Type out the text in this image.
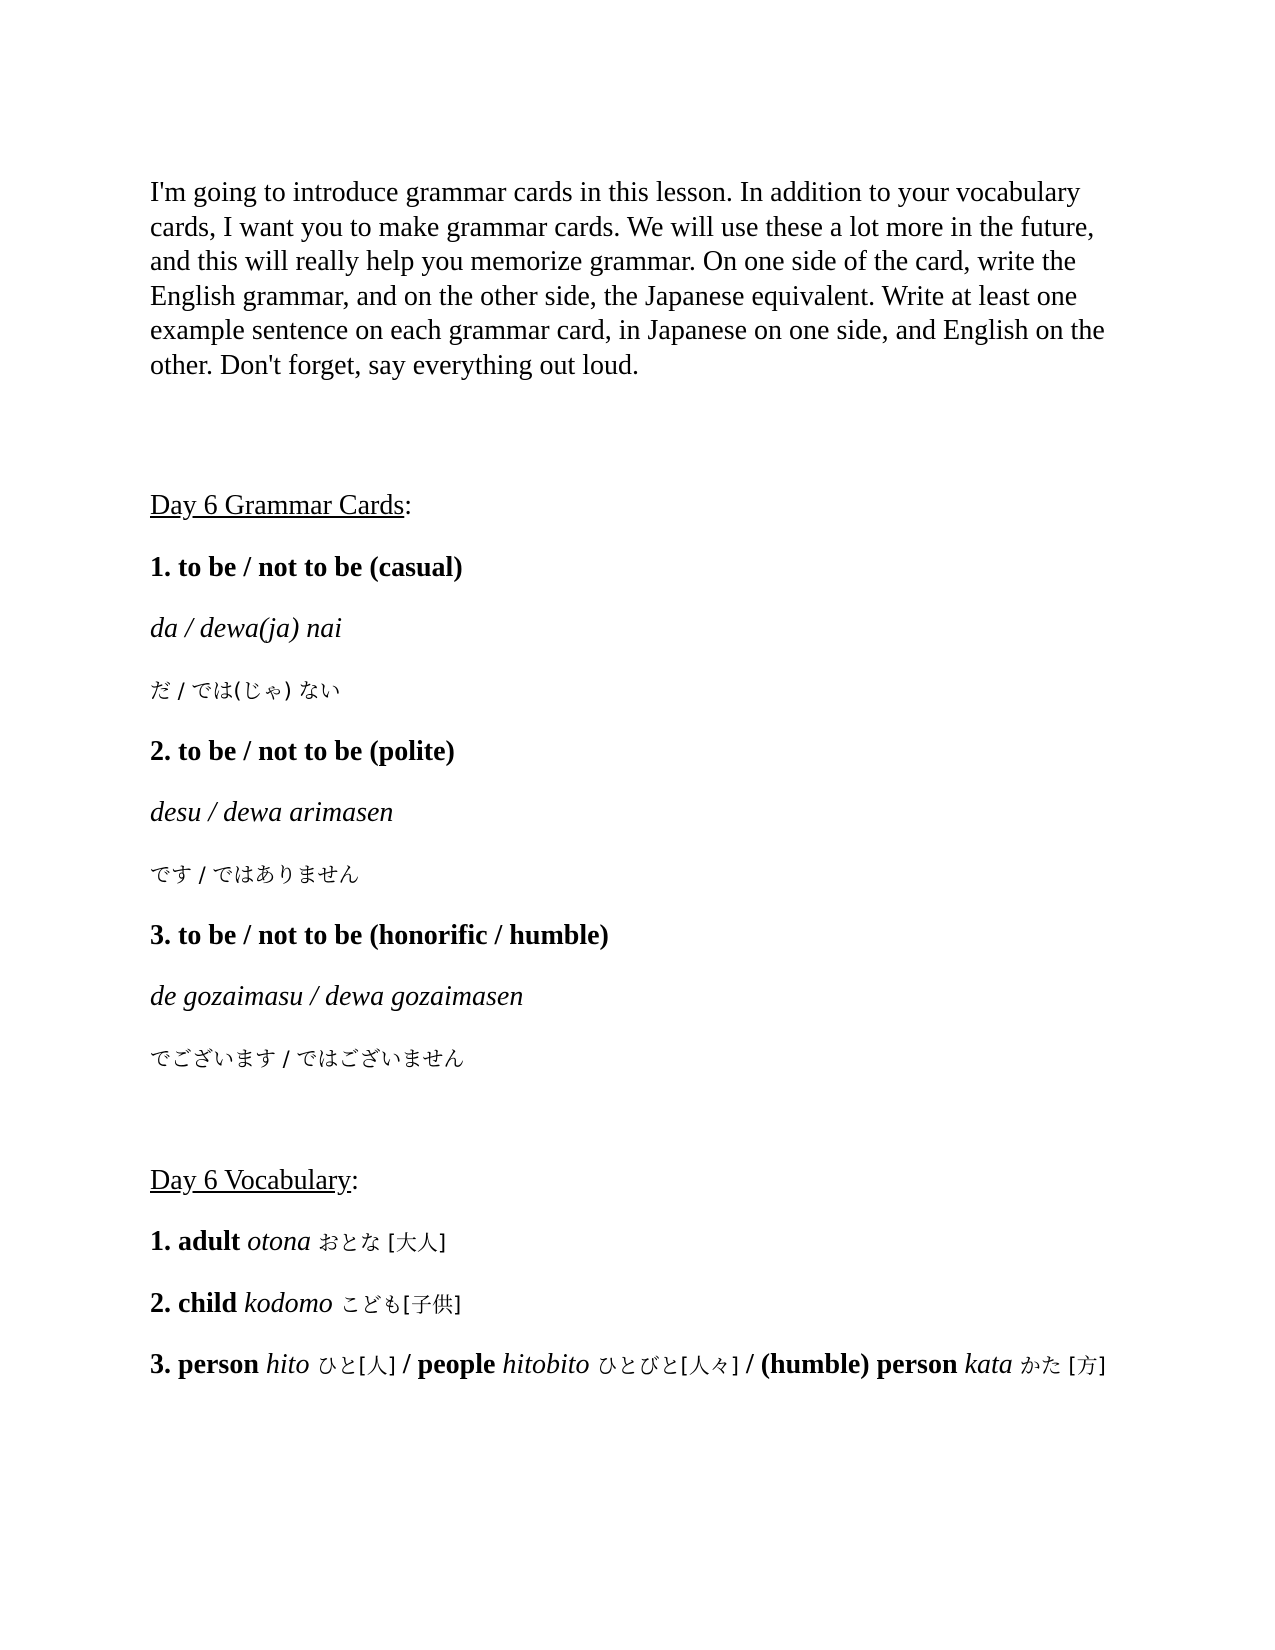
I'm going to introduce grammar cards in this lesson. In addition to your vocabulary cards, I want you to make grammar cards. We will use these a lot more in the future, and this will really help you memorize grammar. On one side of the card, write the English grammar, and on the other side, the Japanese equivalent. Write at least one example sentence on each grammar card, in Japanese on one side, and English on the other. Don't forget, say everything out loud.

Day 6 Grammar Cards:

1. to be / not to be (casual)

da / dewa(ja) nai

だ / では(じゃ) ない

2. to be / not to be (polite)

desu / dewa arimasen

です / ではありません

3. to be / not to be (honorific / humble)

de gozaimasu / dewa gozaimasen

でございます / ではございません

Day 6 Vocabulary:

1. adult otona おとな [大人]

2. child kodomo こども[子供]

3. person hito ひと[人] / people hitobito ひとびと[人々] / (humble) person kata かた [方]
